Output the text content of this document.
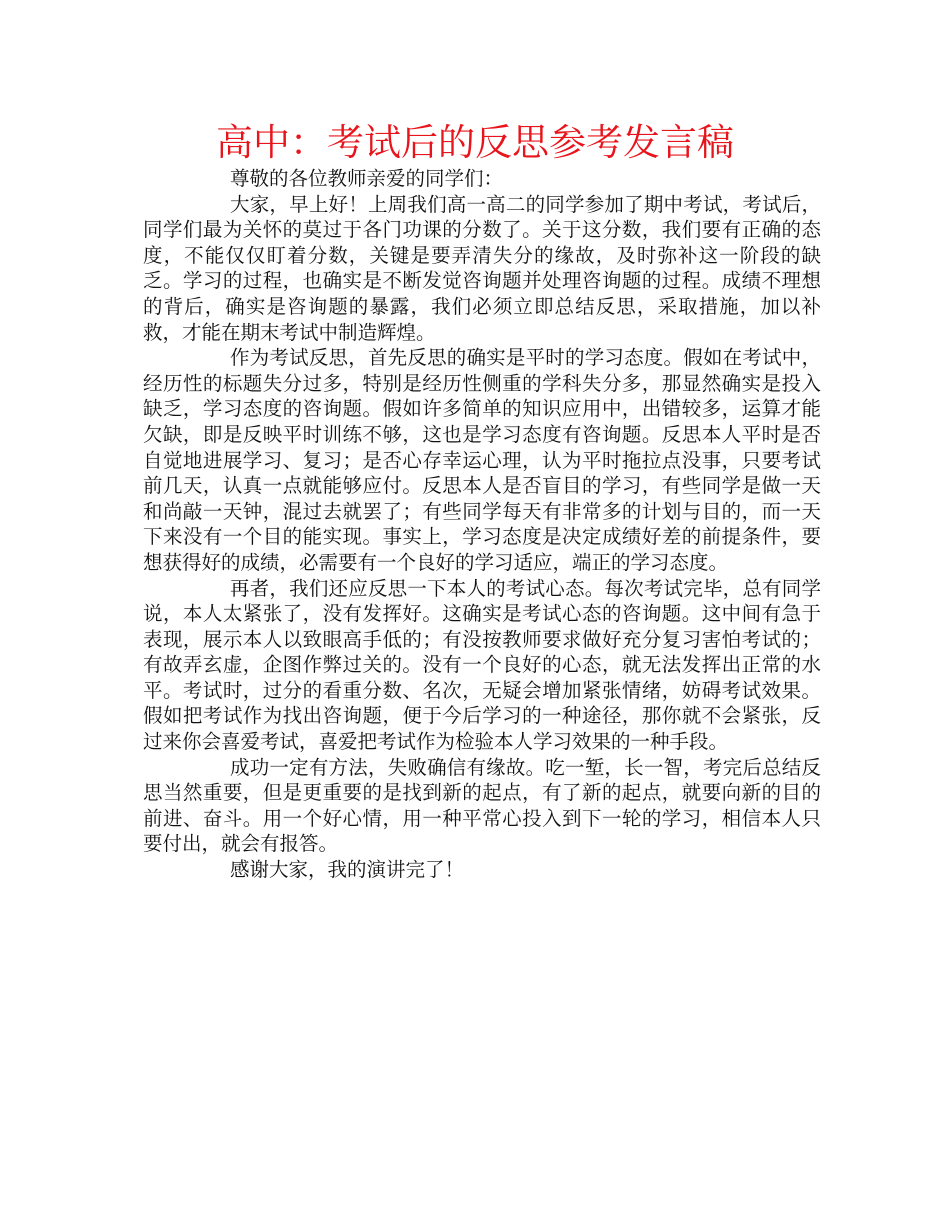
高中：考试后的反思参考发言稿

尊敬的各位教师亲爱的同学们：

大家，早上好！上周我们高一高二的同学参加了期中考试，考试后，同学们最为关怀的莫过于各门功课的分数了。关于这分数，我们要有正确的态度，不能仅仅盯着分数，关键是要弄清失分的缘故，及时弥补这一阶段的缺乏。学习的过程，也确实是不断发觉咨询题并处理咨询题的过程。成绩不理想的背后，确实是咨询题的暴露，我们必须立即总结反思，采取措施，加以补救，才能在期末考试中制造辉煌。

作为考试反思，首先反思的确实是平时的学习态度。假如在考试中，经历性的标题失分过多，特别是经历性侧重的学科失分多，那显然确实是投入缺乏，学习态度的咨询题。假如许多简单的知识应用中，出错较多，运算才能欠缺，即是反映平时训练不够，这也是学习态度有咨询题。反思本人平时是否自觉地进展学习、复习；是否心存幸运心理，认为平时拖拉点没事，只要考试前几天，认真一点就能够应付。反思本人是否盲目的学习，有些同学是做一天和尚敲一天钟，混过去就罢了；有些同学每天有非常多的计划与目的，而一天下来没有一个目的能实现。事实上，学习态度是决定成绩好差的前提条件，要想获得好的成绩，必需要有一个良好的学习适应，端正的学习态度。

再者，我们还应反思一下本人的考试心态。每次考试完毕，总有同学说，本人太紧张了，没有发挥好。这确实是考试心态的咨询题。这中间有急于表现，展示本人以致眼高手低的；有没按教师要求做好充分复习害怕考试的；有故弄玄虚，企图作弊过关的。没有一个良好的心态，就无法发挥出正常的水平。考试时，过分的看重分数、名次，无疑会增加紧张情绪，妨碍考试效果。假如把考试作为找出咨询题，便于今后学习的一种途径，那你就不会紧张，反过来你会喜爱考试，喜爱把考试作为检验本人学习效果的一种手段。

成功一定有方法，失败确信有缘故。吃一堑，长一智，考完后总结反思当然重要，但是更重要的是找到新的起点，有了新的起点，就要向新的目的前进、奋斗。用一个好心情，用一种平常心投入到下一轮的学习，相信本人只要付出，就会有报答。

感谢大家，我的演讲完了！
